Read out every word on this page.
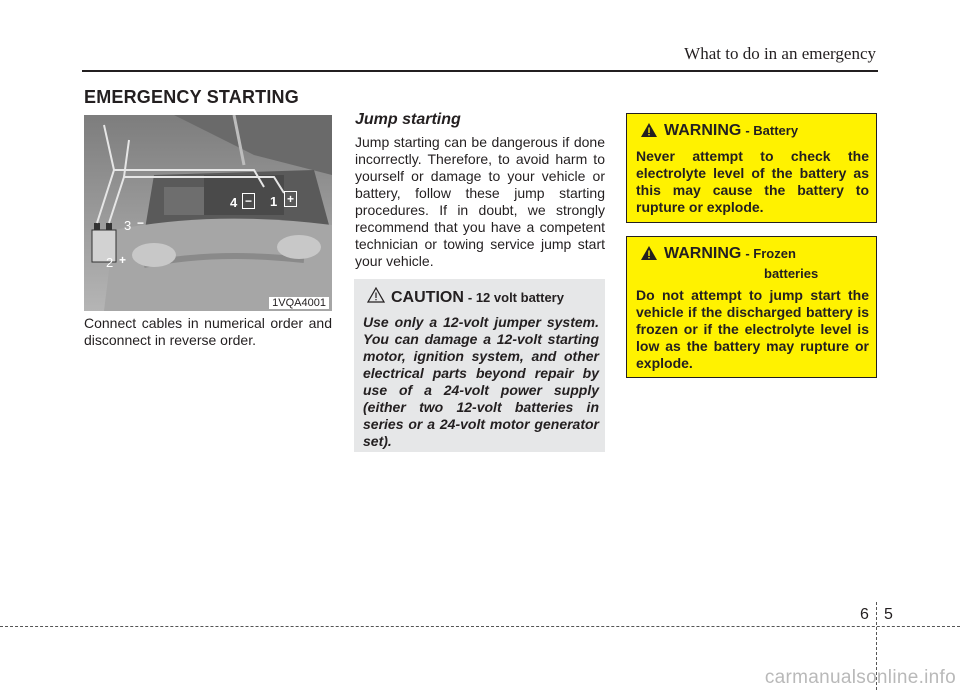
What to do in an emergency

EMERGENCY STARTING
1 +
2 +
3 −
4 −
1VQA4001

Connect cables in numerical order and disconnect in reverse order.

Jump starting

Jump starting can be dangerous if done incorrectly. Therefore, to avoid harm to yourself or damage to your vehicle or battery, follow these jump starting procedures. If in doubt, we strongly recommend that you have a competent technician or towing service jump start your vehicle.

CAUTION - 12 volt battery

Use only a 12-volt jumper system. You can damage a 12-volt starting motor, ignition system, and other electrical parts beyond repair by use of a 24-volt power supply (either two 12-volt batteries in series or a 24-volt motor generator set).

WARNING - Battery

Never attempt to check the electrolyte level of the battery as this may cause the battery to rupture or explode.

WARNING - Frozen

batteries

Do not attempt to jump start the vehicle if the discharged battery is frozen or if the electrolyte level is low as the battery may rupture or explode.

6 5

carmanualsonline.info
